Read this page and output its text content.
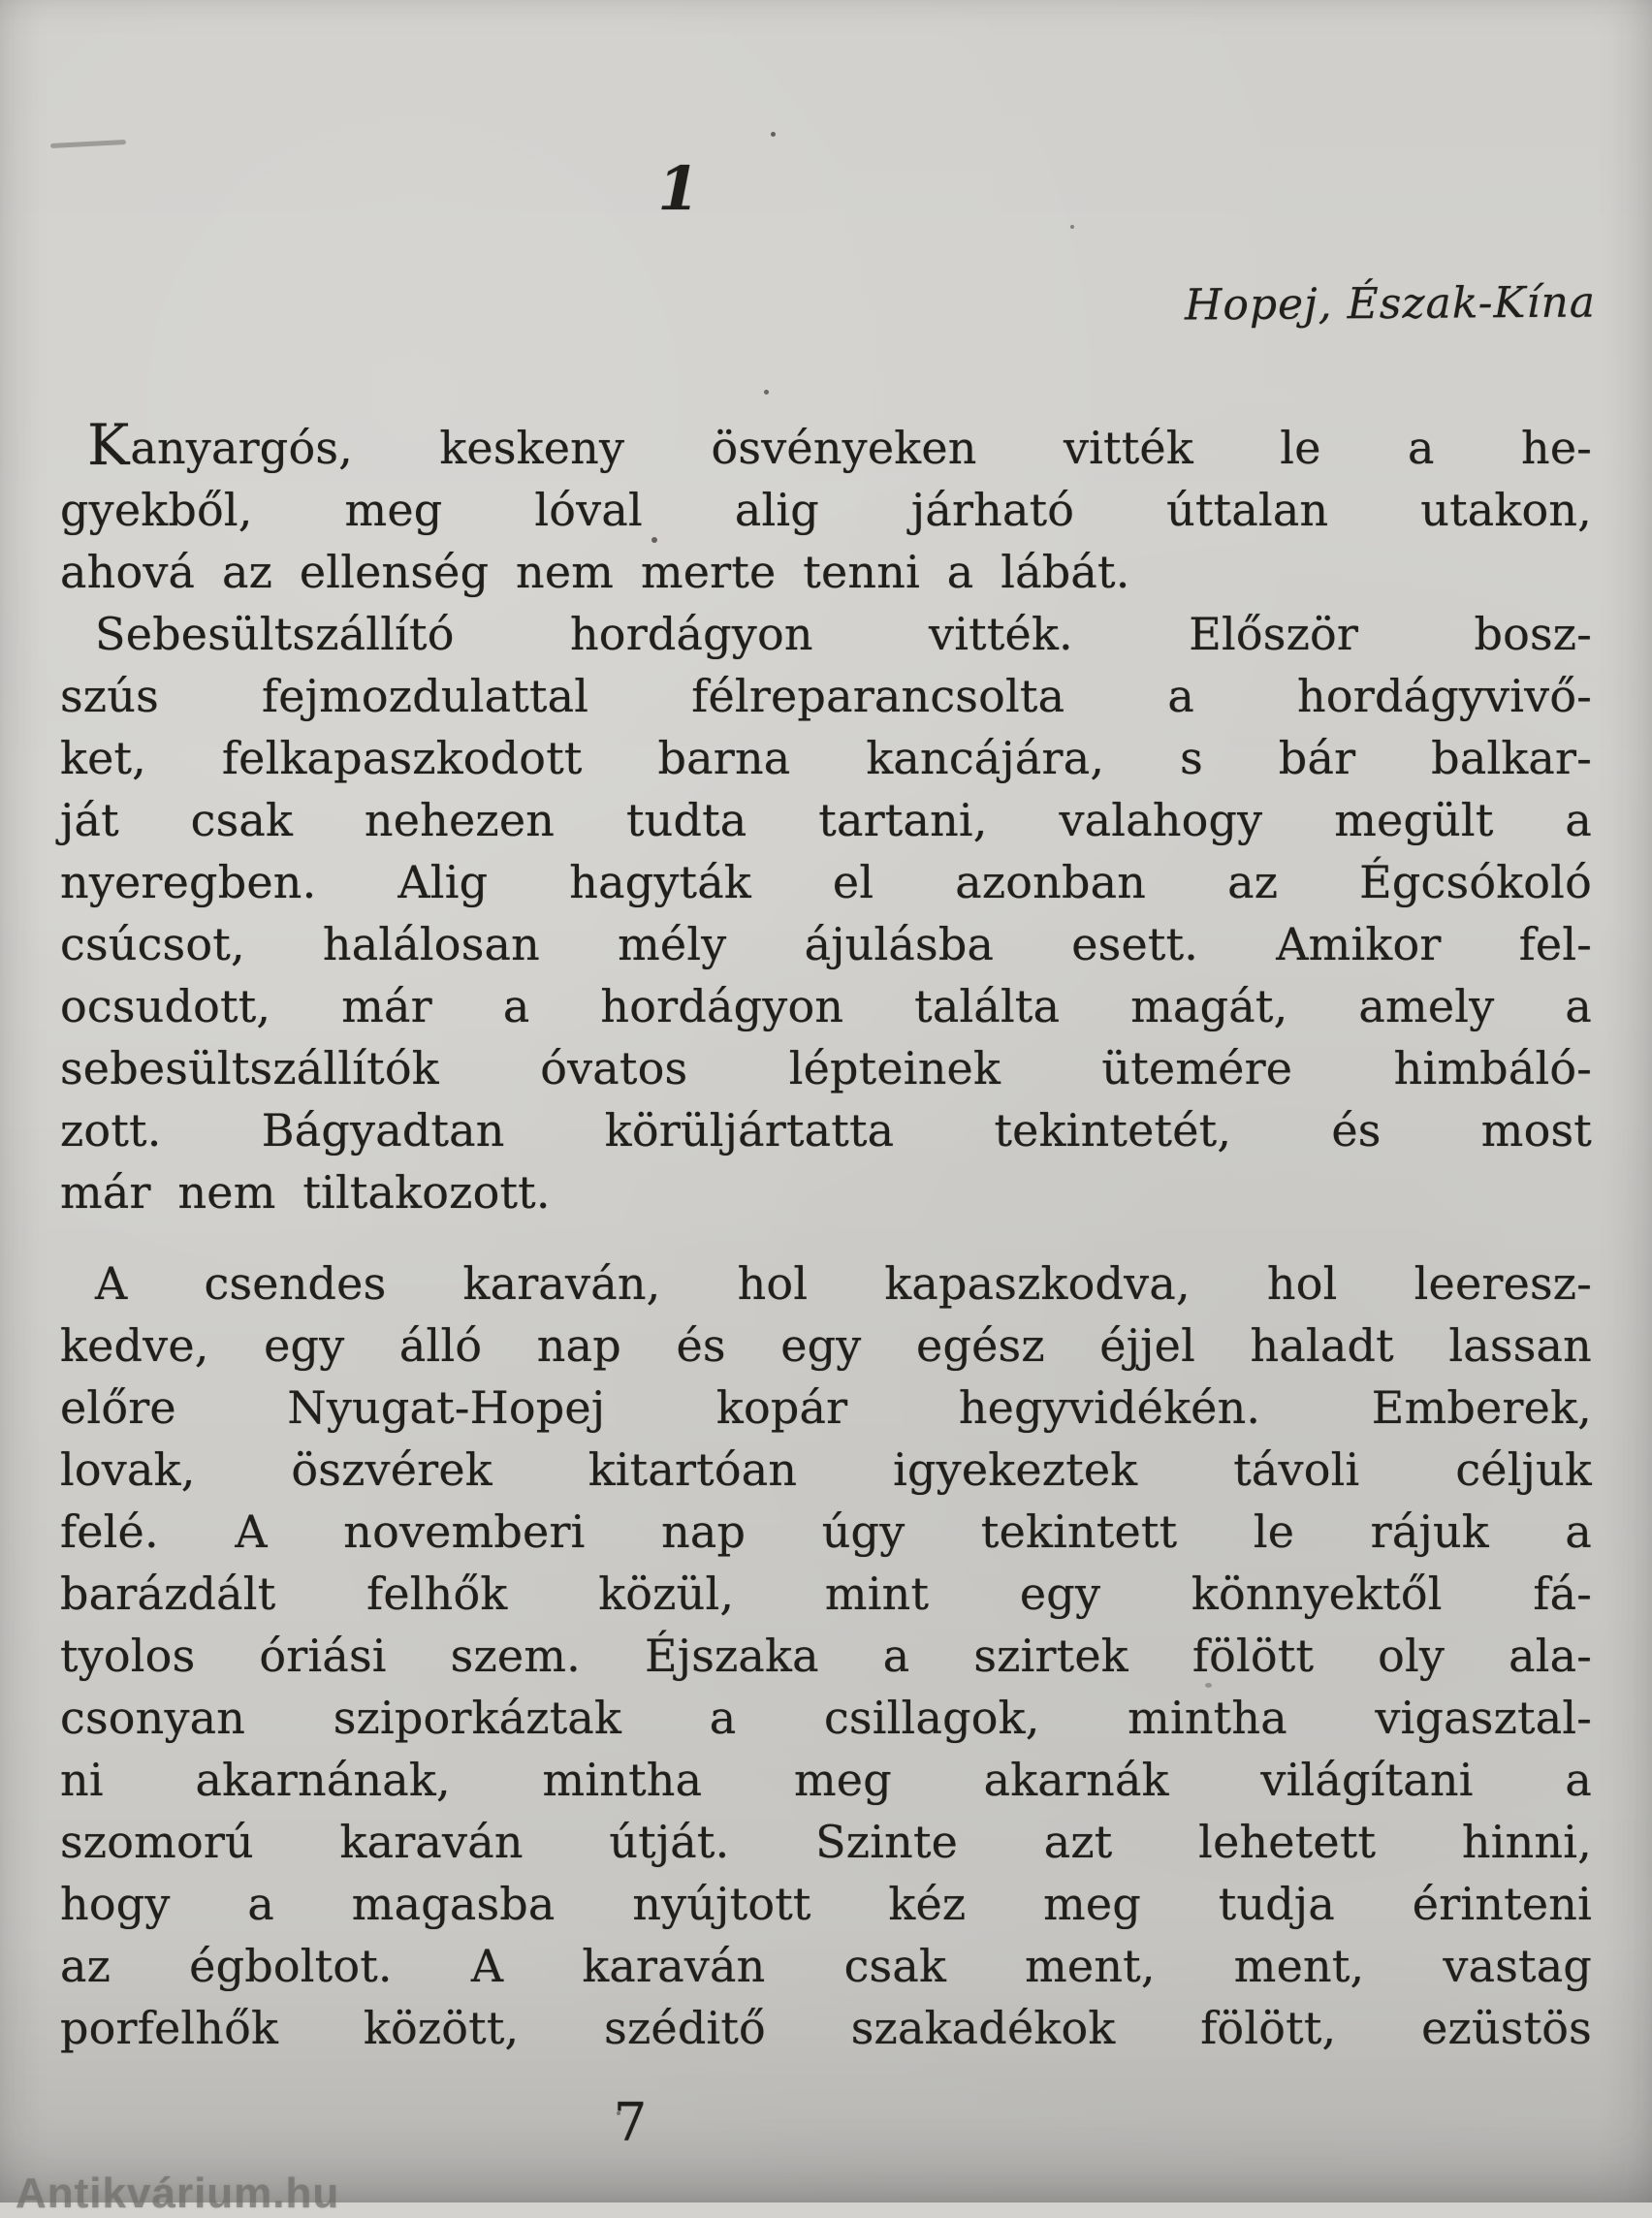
1
Hopej, Észak-Kína
Kanyargós, keskeny ösvényeken vitték le a he-
gyekből, meg lóval alig járható úttalan utakon,
ahová az ellenség nem merte tenni a lábát.
Sebesültszállító hordágyon vitték. Először bosz-
szús fejmozdulattal félreparancsolta a hordágyvivő-
ket, felkapaszkodott barna kancájára, s bár balkar-
ját csak nehezen tudta tartani, valahogy megült a
nyeregben. Alig hagyták el azonban az Égcsókoló
csúcsot, halálosan mély ájulásba esett. Amikor fel-
ocsudott, már a hordágyon találta magát, amely a
sebesültszállítók óvatos lépteinek ütemére himbáló-
zott. Bágyadtan körüljártatta tekintetét, és most
már nem tiltakozott.
A csendes karaván, hol kapaszkodva, hol leeresz-
kedve, egy álló nap és egy egész éjjel haladt lassan
előre Nyugat-Hopej kopár hegyvidékén. Emberek,
lovak, öszvérek kitartóan igyekeztek távoli céljuk
felé. A novemberi nap úgy tekintett le rájuk a
barázdált felhők közül, mint egy könnyektől fá-
tyolos óriási szem. Éjszaka a szirtek fölött oly ala-
csonyan sziporkáztak a csillagok, mintha vigasztal-
ni akarnának, mintha meg akarnák világítani a
szomorú karaván útját. Szinte azt lehetett hinni,
hogy a magasba nyújtott kéz meg tudja érinteni
az égboltot. A karaván csak ment, ment, vastag
porfelhők között, széditő szakadékok fölött, ezüstös
7
Antikvárium.hu
